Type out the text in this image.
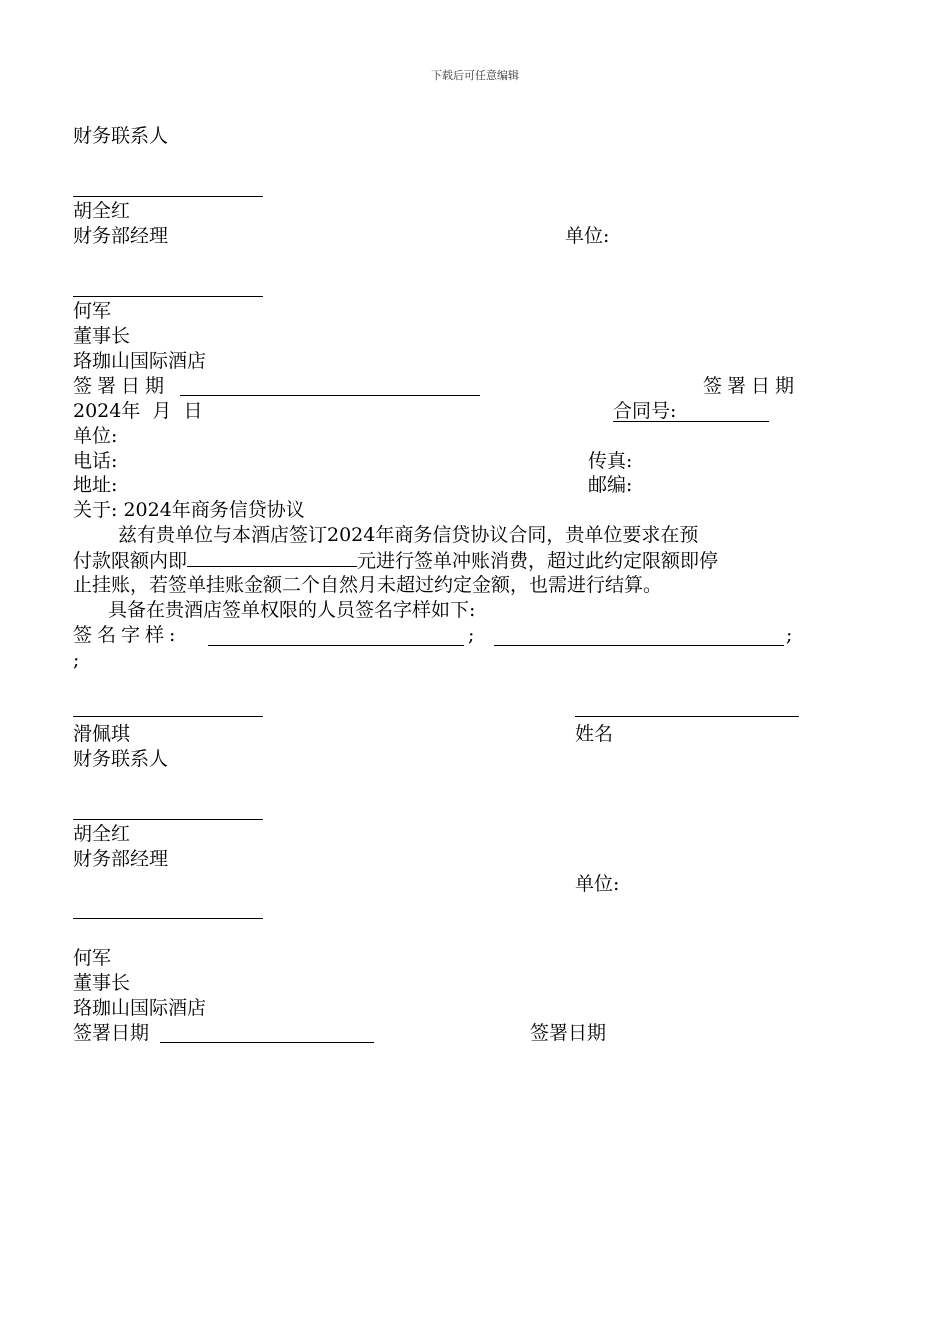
下载后可任意编辑
财务联系人
胡全红
财务部经理	单位:
何军
董事长
珞珈山国际酒店
签署日期	签署日期
2024年  月  日	合同号:
单位:
电话:	传真:
地址:	邮编:
关于: 2024年商务信贷协议
兹有贵单位与本酒店签订2024年商务信贷协议合同，贵单位要求在预
付款限额内即	元进行签单冲账消费，超过此约定限额即停
止挂账，若签单挂账金额二个自然月未超过约定金额，也需进行结算。
具备在贵酒店签单权限的人员签名字样如下:
签名字样:	;	;
;
滑佩琪	姓名
财务联系人
胡全红
财务部经理
单位:
何军
董事长
珞珈山国际酒店
签署日期	签署日期
